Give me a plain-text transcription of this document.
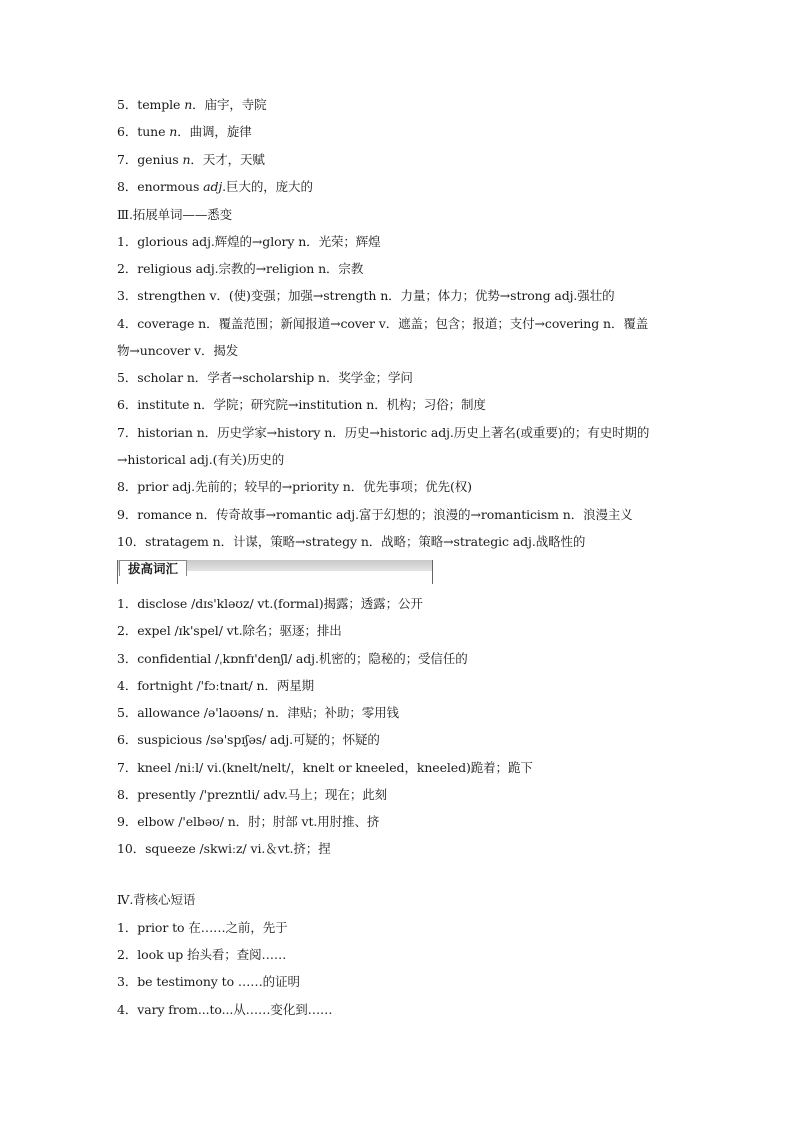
5．temple n．庙宇，寺院
6．tune n．曲调，旋律
7．genius n．天才，天赋
8．enormous adj.巨大的，庞大的
Ⅲ.拓展单词——悉变
1．glorious adj.辉煌的→glory n．光荣；辉煌
2．religious adj.宗教的→religion n．宗教
3．strengthen v．(使)变强；加强→strength n．力量；体力；优势→strong adj.强壮的
4．coverage n．覆盖范围；新闻报道→cover v．遮盖；包含；报道；支付→covering n．覆盖
物→uncover v．揭发
5．scholar n．学者→scholarship n．奖学金；学问
6．institute n．学院；研究院→institution n．机构；习俗；制度
7．historian n．历史学家→history n．历史→historic adj.历史上著名(或重要)的；有史时期的
→historical adj.(有关)历史的
8．prior adj.先前的；较早的→priority n．优先事项；优先(权)
9．romance n．传奇故事→romantic adj.富于幻想的；浪漫的→romanticism n．浪漫主义
10．stratagem n．计谋，策略→strategy n．战略；策略→strategic adj.战略性的
拔高词汇
1．disclose /dɪs'kləʊz/ vt.(formal)揭露；透露；公开
2．expel /ɪk'spel/ vt.除名；驱逐；排出
3．confidential /ˌkɒnfɪ'denʃl/ adj.机密的；隐秘的；受信任的
4．fortnight /'fɔːtnaɪt/ n．两星期
5．allowance /ə'laʊəns/ n．津贴；补助；零用钱
6．suspicious /sə'spɪʃəs/ adj.可疑的；怀疑的
7．kneel /niːl/ vi.(knelt/nelt/，knelt or kneeled，kneeled)跪着；跪下
8．presently /'prezntli/ adv.马上；现在；此刻
9．elbow /'elbəʊ/ n．肘；肘部 vt.用肘推、挤
10．squeeze /skwiːz/ vi.＆vt.挤；捏
Ⅳ.背核心短语
1．prior to 在……之前，先于
2．look up 抬头看；查阅……
3．be testimony to ……的证明
4．vary from...to...从……变化到……
